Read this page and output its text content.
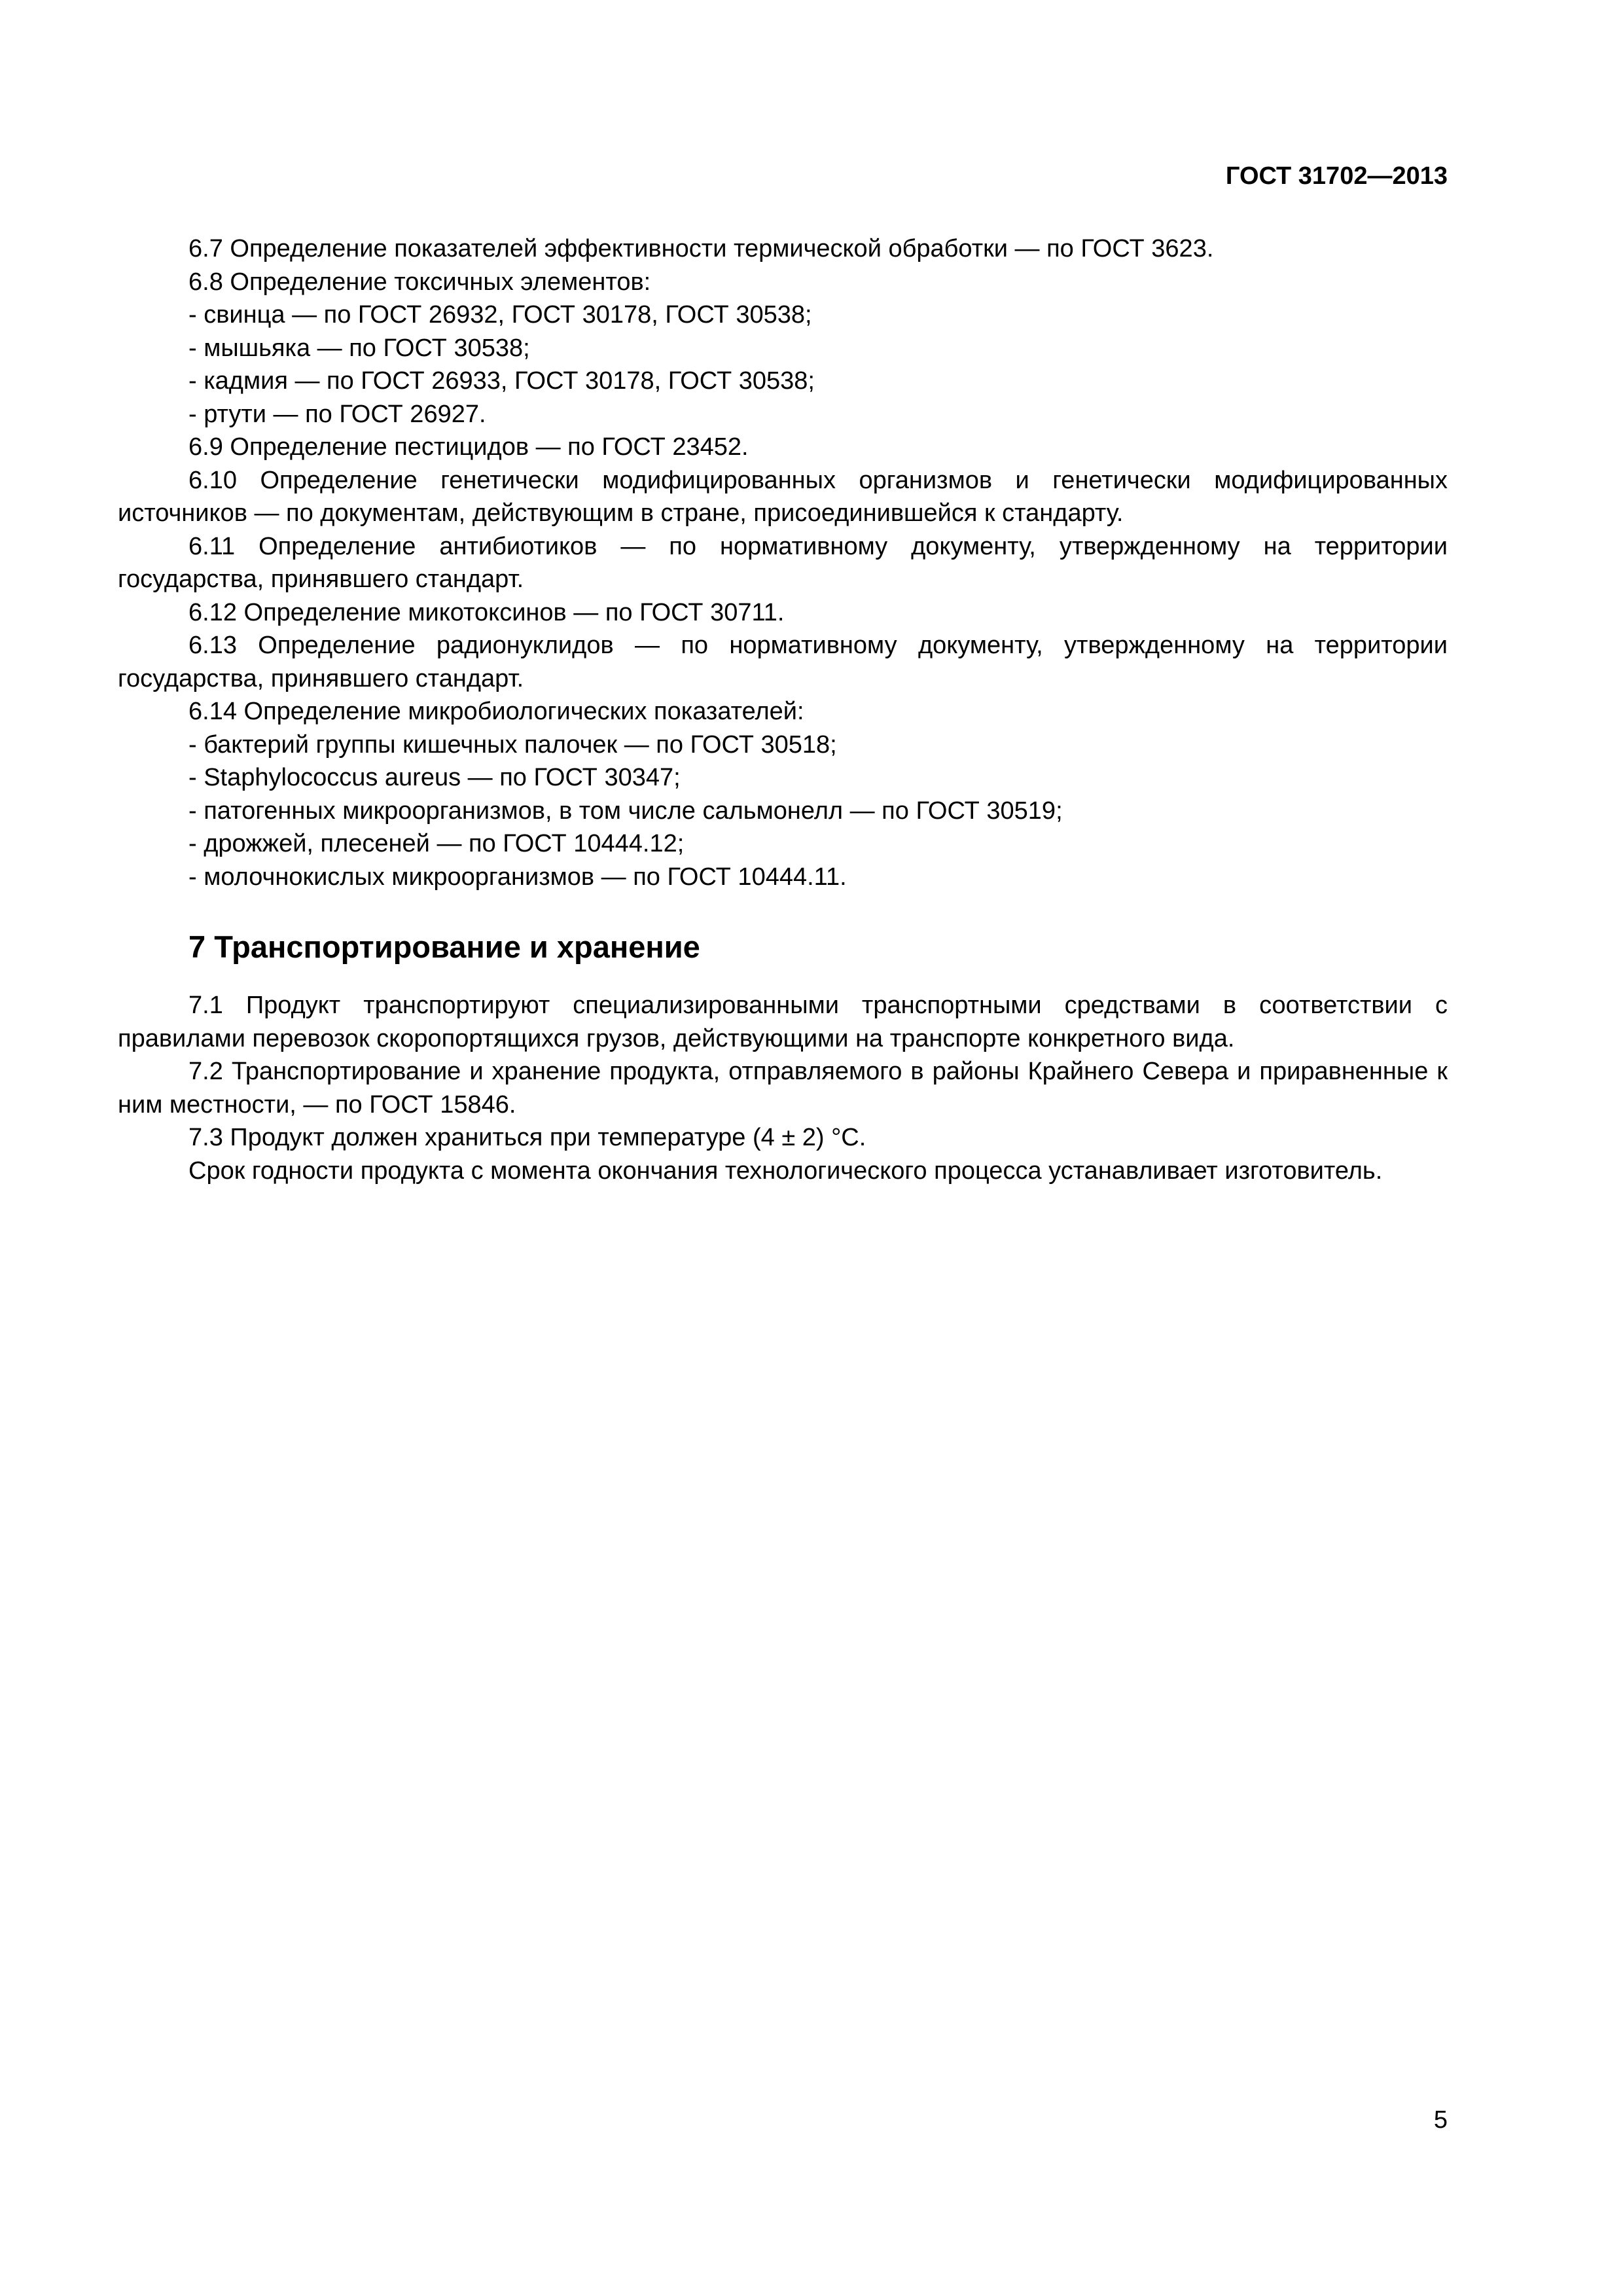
ГОСТ 31702—2013

6.7 Определение показателей эффективности термической обработки — по ГОСТ 3623.

6.8 Определение токсичных элементов:

- свинца — по ГОСТ 26932, ГОСТ 30178, ГОСТ 30538;

- мышьяка — по ГОСТ 30538;

- кадмия — по ГОСТ 26933, ГОСТ 30178, ГОСТ 30538;

- ртути — по ГОСТ 26927.

6.9 Определение пестицидов — по ГОСТ 23452.

6.10 Определение генетически модифицированных организмов и генетически модифицированных источников — по документам, действующим в стране, присоединившейся к стандарту.

6.11 Определение антибиотиков — по нормативному документу, утвержденному на территории государства, принявшего стандарт.

6.12 Определение микотоксинов — по ГОСТ 30711.

6.13 Определение радионуклидов — по нормативному документу, утвержденному на территории государства, принявшего стандарт.

6.14 Определение микробиологических показателей:

- бактерий группы кишечных палочек — по ГОСТ 30518;

- Staphylococcus aureus — по ГОСТ 30347;

- патогенных микроорганизмов, в том числе сальмонелл — по ГОСТ 30519;

- дрожжей, плесеней — по ГОСТ 10444.12;

- молочнокислых микроорганизмов — по ГОСТ 10444.11.

7 Транспортирование и хранение

7.1 Продукт транспортируют специализированными транспортными средствами в соответствии с правилами перевозок скоропортящихся грузов, действующими на транспорте конкретного вида.

7.2 Транспортирование и хранение продукта, отправляемого в районы Крайнего Севера и приравненные к ним местности, — по ГОСТ 15846.

7.3 Продукт должен храниться при температуре (4 ± 2) °С.

Срок годности продукта с момента окончания технологического процесса устанавливает изготовитель.

5
